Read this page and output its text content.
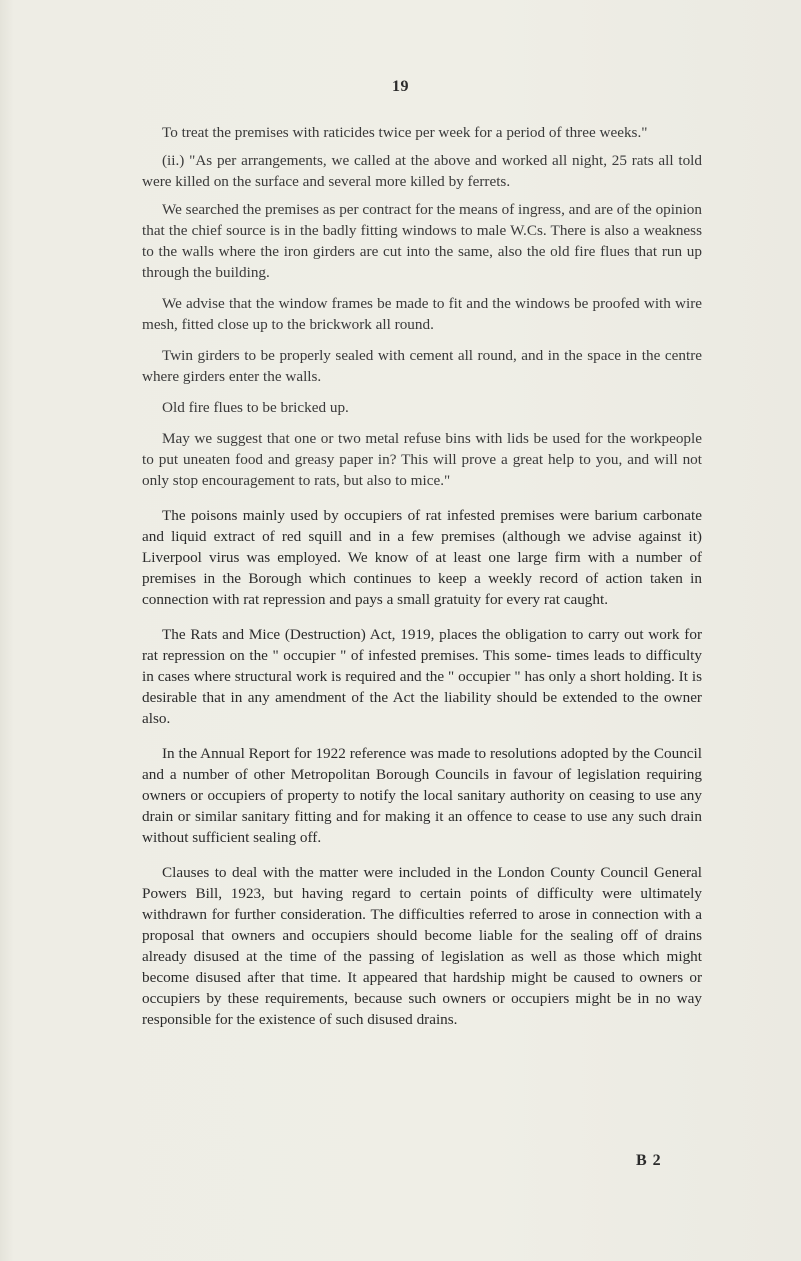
19

To treat the premises with raticides twice per week for a period of three weeks."

(ii.) "As per arrangements, we called at the above and worked all night, 25 rats all told were killed on the surface and several more killed by ferrets.

We searched the premises as per contract for the means of ingress, and are of the opinion that the chief source is in the badly fitting windows to male W.Cs. There is also a weakness to the walls where the iron girders are cut into the same, also the old fire flues that run up through the building.

We advise that the window frames be made to fit and the windows be proofed with wire mesh, fitted close up to the brickwork all round.

Twin girders to be properly sealed with cement all round, and in the space in the centre where girders enter the walls.

Old fire flues to be bricked up.

May we suggest that one or two metal refuse bins with lids be used for the workpeople to put uneaten food and greasy paper in? This will prove a great help to you, and will not only stop encouragement to rats, but also to mice."

The poisons mainly used by occupiers of rat infested premises were barium carbonate and liquid extract of red squill and in a few premises (although we advise against it) Liverpool virus was employed. We know of at least one large firm with a number of premises in the Borough which continues to keep a weekly record of action taken in connection with rat repression and pays a small gratuity for every rat caught.

The Rats and Mice (Destruction) Act, 1919, places the obligation to carry out work for rat repression on the " occupier " of infested premises. This some- times leads to difficulty in cases where structural work is required and the " occupier " has only a short holding. It is desirable that in any amendment of the Act the liability should be extended to the owner also.

In the Annual Report for 1922 reference was made to resolutions adopted by the Council and a number of other Metropolitan Borough Councils in favour of legislation requiring owners or occupiers of property to notify the local sanitary authority on ceasing to use any drain or similar sanitary fitting and for making it an offence to cease to use any such drain without sufficient sealing off.

Clauses to deal with the matter were included in the London County Council General Powers Bill, 1923, but having regard to certain points of difficulty were ultimately withdrawn for further consideration. The difficulties referred to arose in connection with a proposal that owners and occupiers should become liable for the sealing off of drains already disused at the time of the passing of legislation as well as those which might become disused after that time. It appeared that hardship might be caused to owners or occupiers by these requirements, because such owners or occupiers might be in no way responsible for the existence of such disused drains.

B 2
